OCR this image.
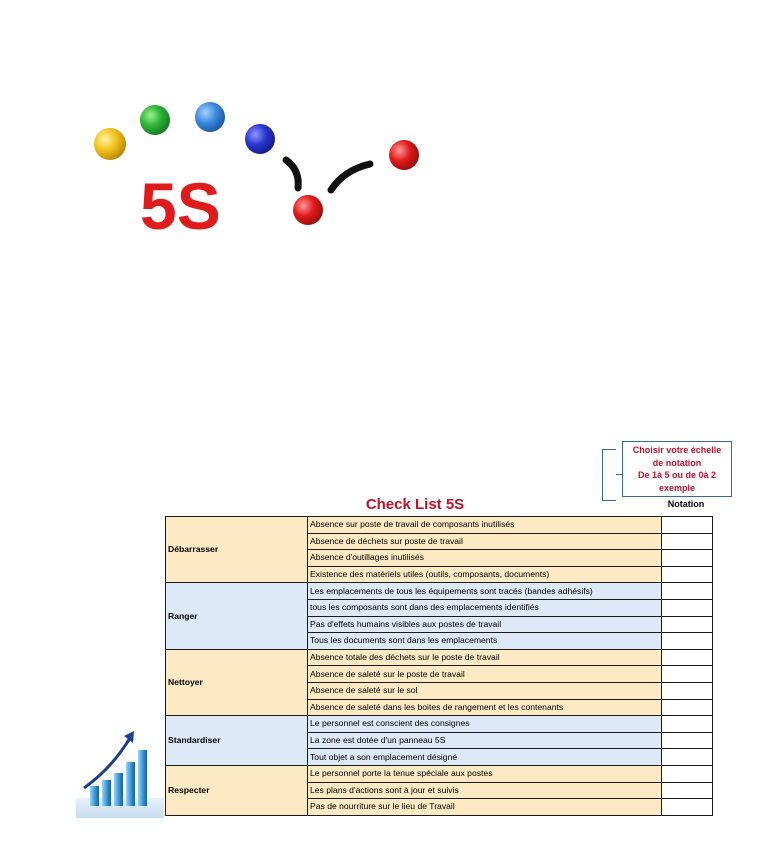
5S
Choisir votre échelle
de notation
De 1à 5 ou de 0à 2
exemple
Check List 5S	Notation
Débarrasser	Absence sur poste de travail de composants inutilisés	
	Absence de déchets sur poste de travail	
	Absence d'outillages inutilisés	
	Existence des matériels utiles (outils, composants, documents)	
Ranger	Les emplacements de tous les équipements sont tracés (bandes adhésifs)	
	tous les composants sont dans des emplacements identifiés	
	Pas d'effets humains visibles aux postes de travail	
	Tous les documents sont dans les emplacements	
Nettoyer	Absence totale des déchets sur le poste de travail	
	Absence de saleté sur le poste de travail	
	Absence de saleté sur le sol	
	Absence de saleté dans les boites de rangement et les contenants	
Standardiser	Le personnel est conscient des consignes	
	La zone est dotée d'un panneau 5S	
	Tout objet a son emplacement désigné	
Respecter	Le personnel porte la tenue spéciale aux postes	
	Les plans d'actions sont à jour et suivis	
	Pas de nourriture sur le lieu de Travail	
